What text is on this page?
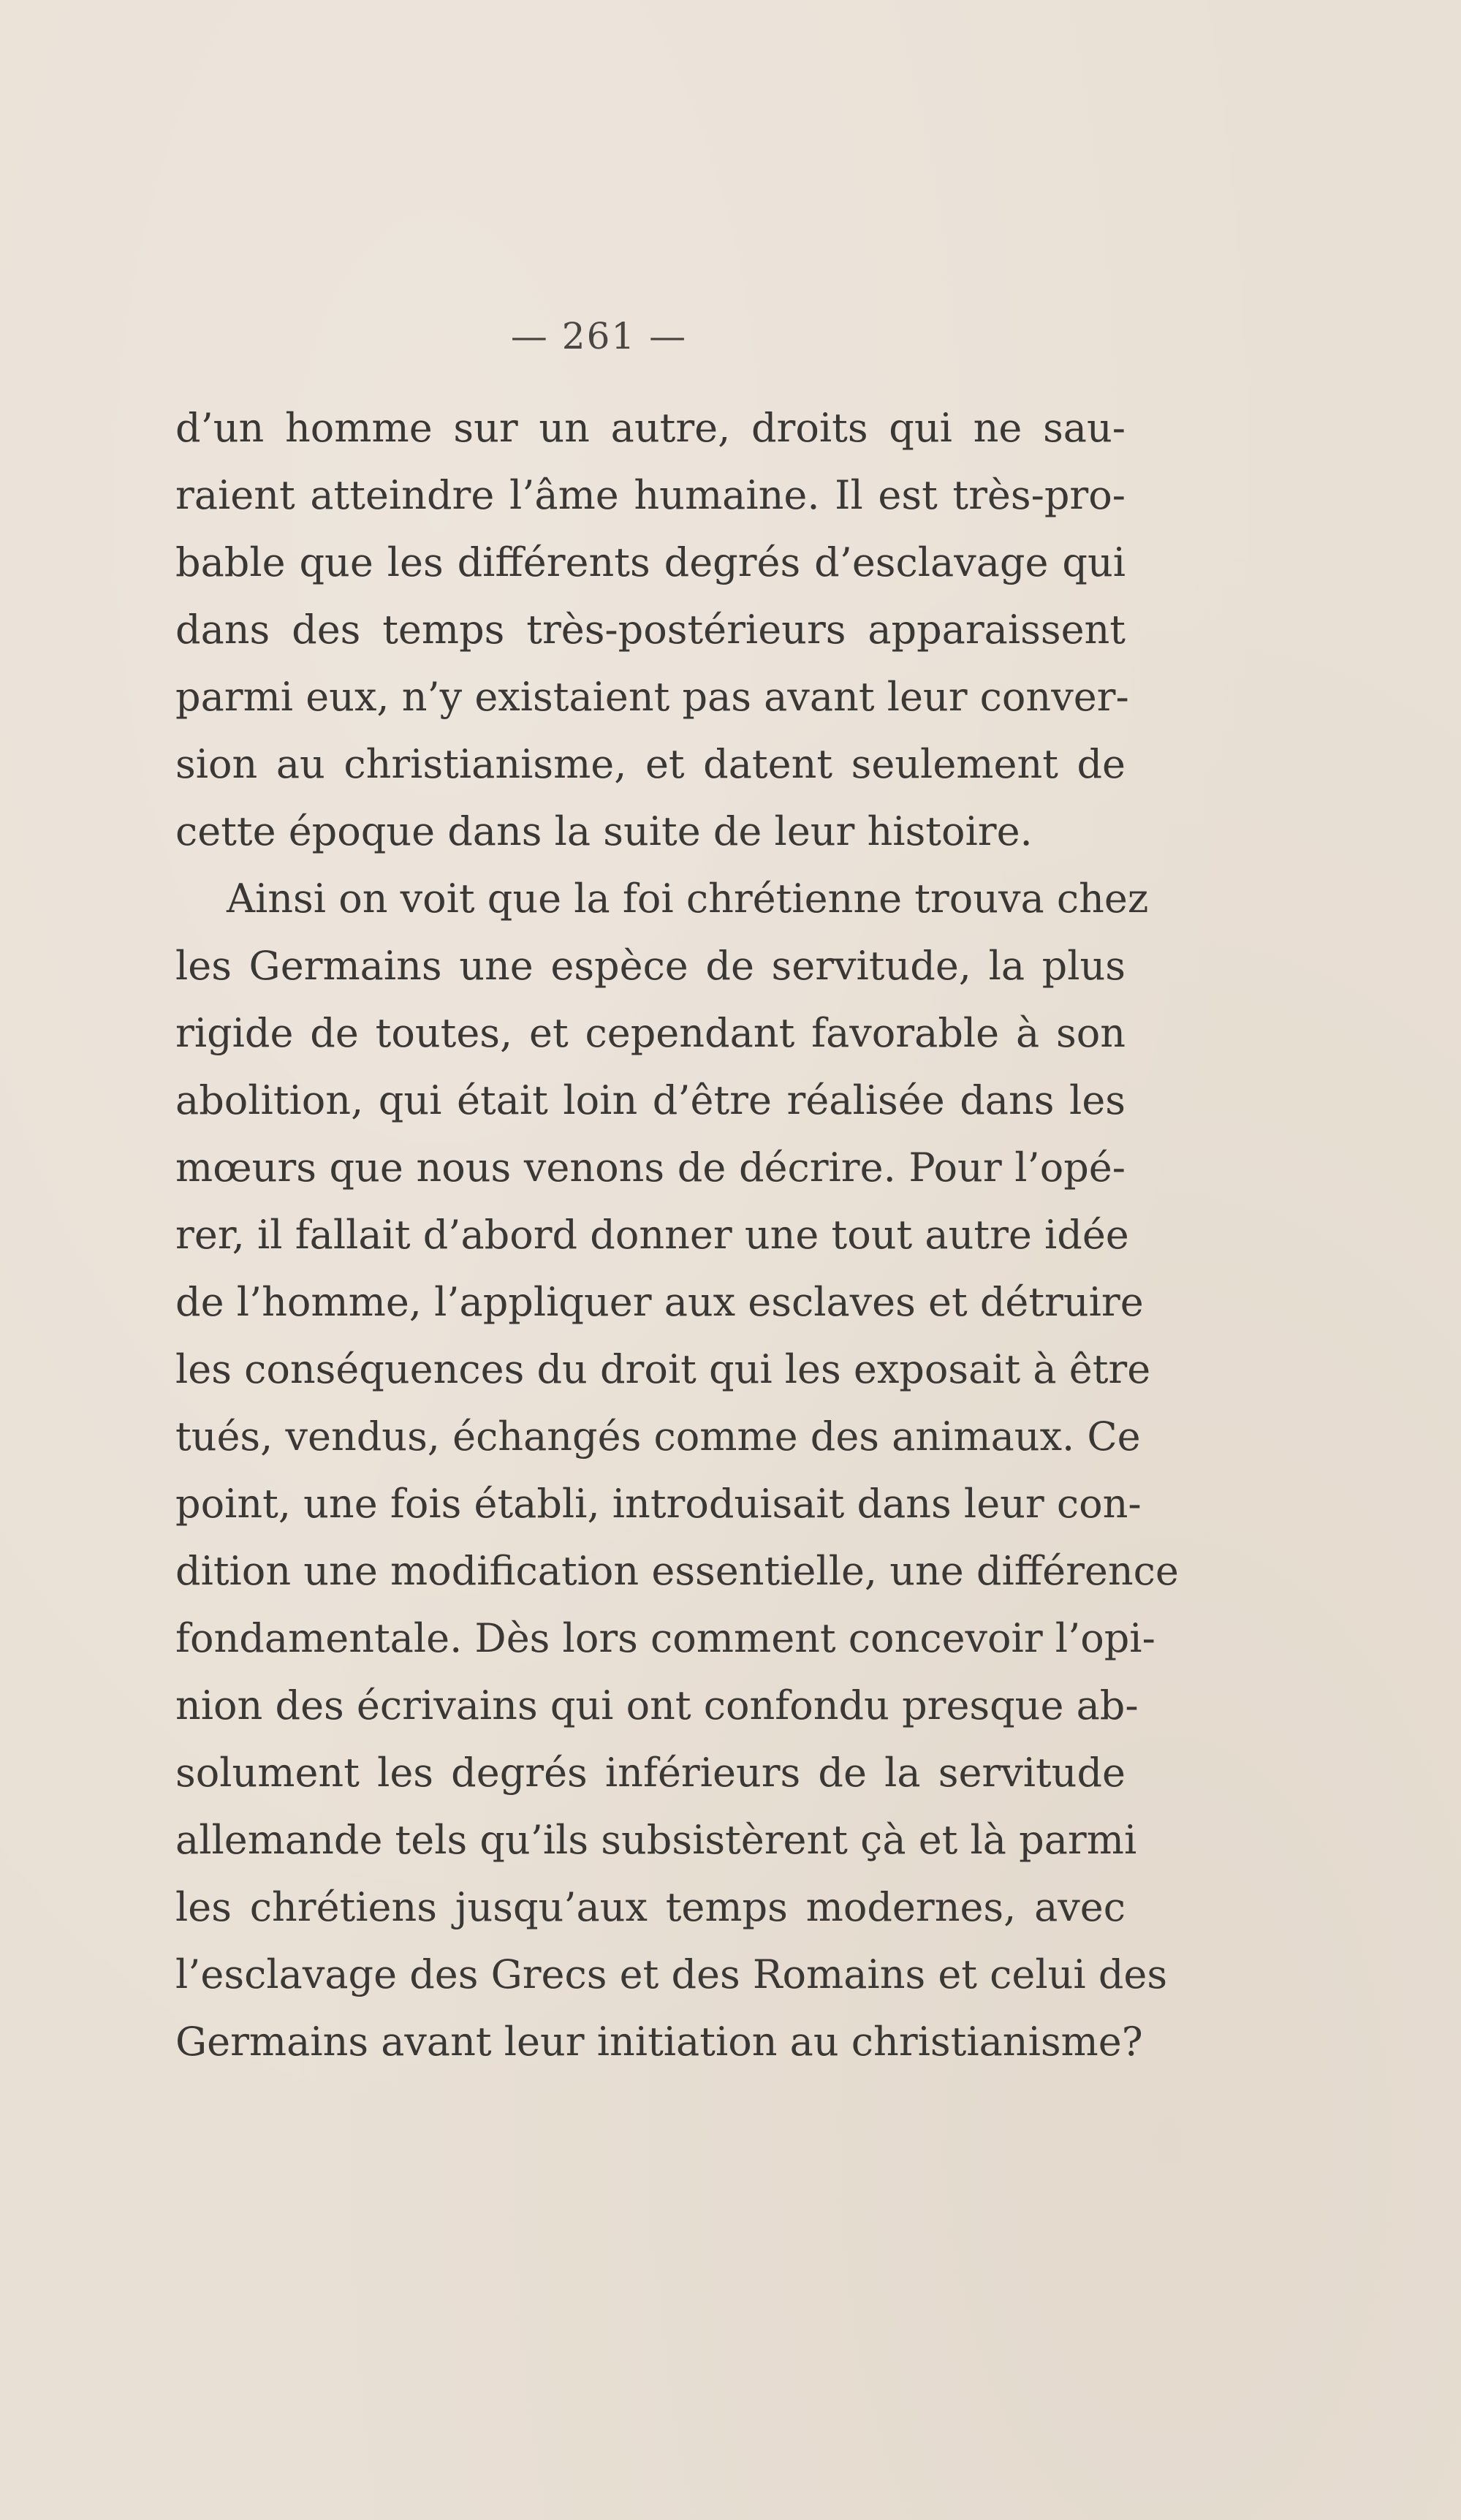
— 261 —
d’un homme sur un autre, droits qui ne sau-
raient atteindre l’âme humaine. Il est très-pro-
bable que les différents degrés d’esclavage qui
dans des temps très-postérieurs apparaissent
parmi eux, n’y existaient pas avant leur conver-
sion au christianisme, et datent seulement de
cette époque dans la suite de leur histoire.
Ainsi on voit que la foi chrétienne trouva chez
les Germains une espèce de servitude, la plus
rigide de toutes, et cependant favorable à son
abolition, qui était loin d’être réalisée dans les
mœurs que nous venons de décrire. Pour l’opé-
rer, il fallait d’abord donner une tout autre idée
de l’homme, l’appliquer aux esclaves et détruire
les conséquences du droit qui les exposait à être
tués, vendus, échangés comme des animaux. Ce
point, une fois établi, introduisait dans leur con-
dition une modification essentielle, une différence
fondamentale. Dès lors comment concevoir l’opi-
nion des écrivains qui ont confondu presque ab-
solument les degrés inférieurs de la servitude
allemande tels qu’ils subsistèrent çà et là parmi
les chrétiens jusqu’aux temps modernes, avec
l’esclavage des Grecs et des Romains et celui des
Germains avant leur initiation au christianisme?
